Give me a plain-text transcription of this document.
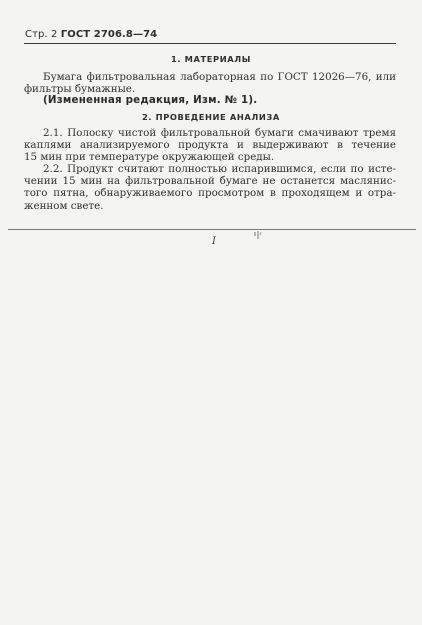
Стр. 2 ГОСТ 2706.8—74
1. МАТЕРИАЛЫ
Бумага фильтровальная лабораторная по ГОСТ 12026—76, или
фильтры бумажные.
(Измененная редакция, Изм. № 1).
2. ПРОВЕДЕНИЕ АНАЛИЗА
2.1. Полоску чистой фильтровальной бумаги смачивают тремя
каплями анализируемого продукта и выдерживают в течение
15 мин при температуре окружающей среды.
2.2. Продукт считают полностью испарившимся, если по исте-
чении 15 мин на фильтровальной бумаге не останется маслянис-
того пятна, обнаруживаемого просмотром в проходящем и отра-
женном свете.
I
